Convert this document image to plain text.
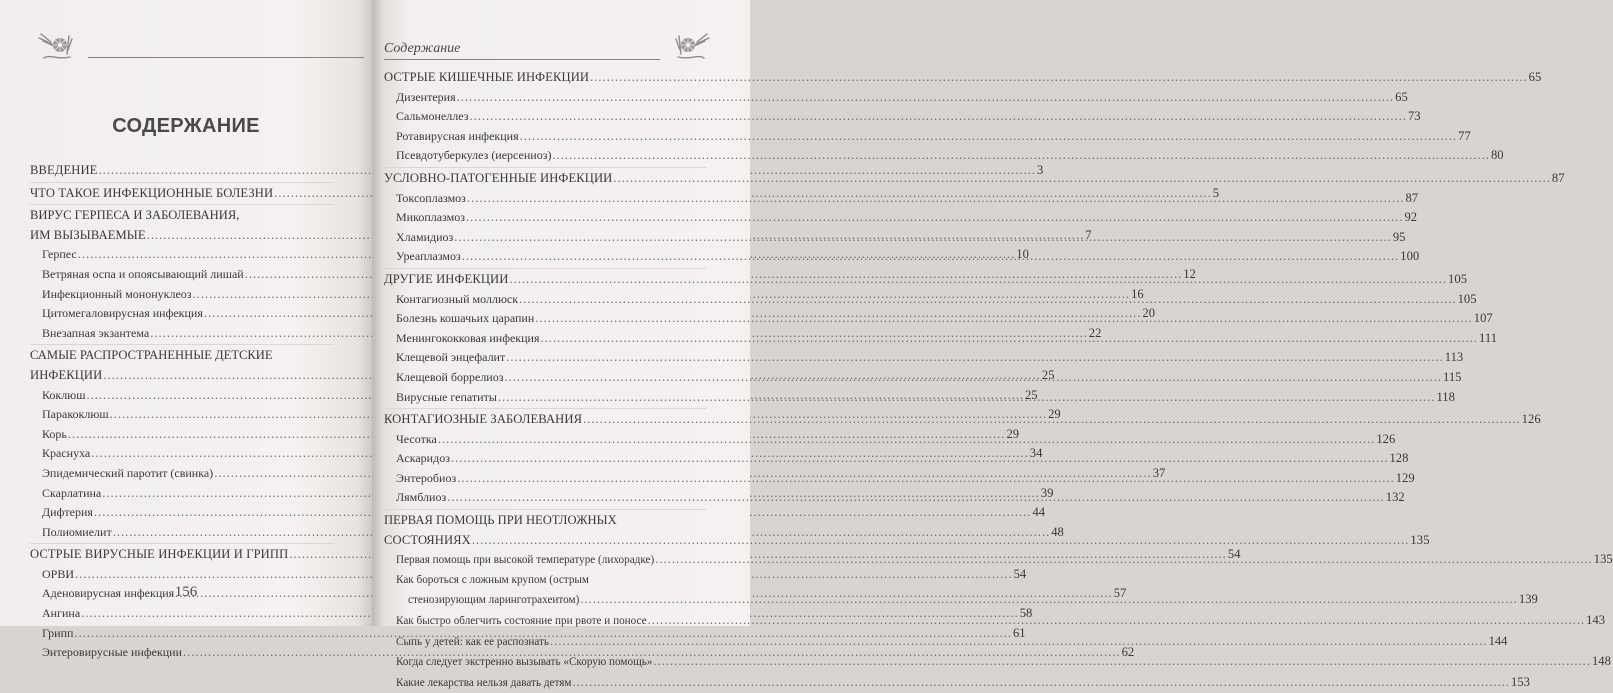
СОДЕРЖАНИЕ
ВВЕДЕНИЕ .....	3
ЧТО ТАКОЕ ИНФЕКЦИОННЫЕ БОЛЕЗНИ .....	5
ВИРУС ГЕРПЕСА И ЗАБОЛЕВАНИЯ,
ИМ ВЫЗЫВАЕМЫЕ .....	7
Герпес .....	10
Ветряная оспа и опоясывающий лишай .....	12
Инфекционный мононуклеоз .....	16
Цитомегаловирусная инфекция .....	20
Внезапная экзантема .....	22
САМЫЕ РАСПРОСТРАНЕННЫЕ ДЕТСКИЕ
ИНФЕКЦИИ .....	25
Коклюш .....	25
Паракоклюш .....	29
Корь .....	29
Краснуха .....	34
Эпидемический паротит (свинка) .....	37
Скарлатина .....	39
Дифтерия .....	44
Полиомиелит .....	48
ОСТРЫЕ ВИРУСНЫЕ ИНФЕКЦИИ И ГРИПП .....	54
ОРВИ .....	54
Аденовирусная инфекция .....	57
Ангина .....	58
Грипп .....	61
Энтеровирусные инфекции .....	62
156
Содержание
ОСТРЫЕ КИШЕЧНЫЕ ИНФЕКЦИИ .....	65
Дизентерия .....	65
Сальмонеллез .....	73
Ротавирусная инфекция .....	77
Псевдотуберкулез (иерсениоз) .....	80
УСЛОВНО-ПАТОГЕННЫЕ ИНФЕКЦИИ .....	87
Токсоплазмоз .....	87
Микоплазмоз .....	92
Хламидиоз .....	95
Уреаплазмоз .....	100
ДРУГИЕ ИНФЕКЦИИ .....	105
Контагиозный моллюск .....	105
Болезнь кошачьих царапин .....	107
Менингококковая инфекция .....	111
Клещевой энцефалит .....	113
Клещевой боррелиоз .....	115
Вирусные гепатиты .....	118
КОНТАГИОЗНЫЕ ЗАБОЛЕВАНИЯ .....	126
Чесотка .....	126
Аскаридоз .....	128
Энтеробиоз .....	129
Лямблиоз .....	132
ПЕРВАЯ ПОМОЩЬ ПРИ НЕОТЛОЖНЫХ
СОСТОЯНИЯХ .....	135
Первая помощь при высокой температуре (лихорадке) .....	135
Как бороться с ложным крупом (острым
стенозирующим ларинготрахеитом) .....	139
Как быстро облегчить состояние при рвоте и поносе .....	143
Сыпь у детей: как ее распознать .....	144
Когда следует экстренно вызывать «Скорую помощь» .....	148
Какие лекарства нельзя давать детям .....	153
